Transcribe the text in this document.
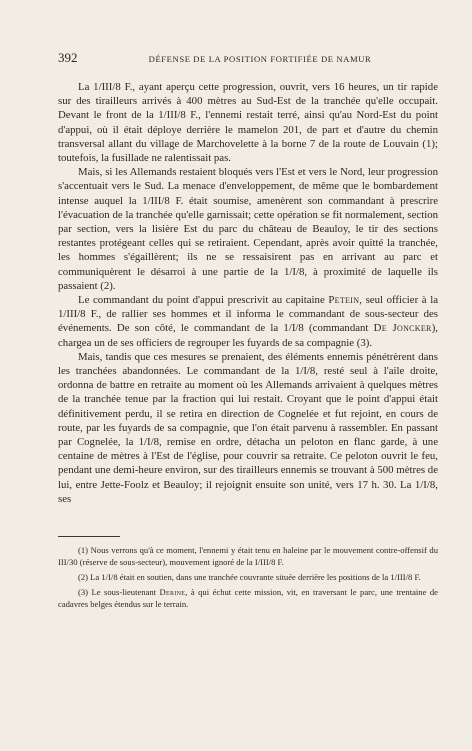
392	DÉFENSE DE LA POSITION FORTIFIÉE DE NAMUR

La 1/III/8 F., ayant aperçu cette progression, ouvrit, vers 16 heures, un tir rapide sur des tirailleurs arrivés à 400 mètres au Sud-Est de la tranchée qu'elle occupait. Devant le front de la 1/III/8 F., l'ennemi restait terré, ainsi qu'au Nord-Est du point d'appui, où il était déploye derrière le mamelon 201, de part et d'autre du chemin transversal allant du village de Marchovelette à la borne 7 de la route de Louvain (1); toutefois, la fusillade ne ralentissait pas.

Mais, si les Allemands restaient bloqués vers l'Est et vers le Nord, leur progression s'accentuait vers le Sud. La menace d'enveloppement, de même que le bombardement intense auquel la 1/III/8 F. était soumise, amenèrent son commandant à prescrire l'évacuation de la tranchée qu'elle garnissait; cette opération se fit normalement, section par section, vers la lisière Est du parc du château de Beauloy, le tir des sections restantes protégeant celles qui se retiraient. Cependant, après avoir quitté la tranchée, les hommes s'égaillèrent; ils ne se ressaisirent pas en arrivant au parc et communiquèrent le désarroi à une partie de la 1/I/8, à proximité de laquelle ils passaient (2).

Le commandant du point d'appui prescrivit au capitaine Petein, seul officier à la 1/III/8 F., de rallier ses hommes et il informa le commandant de sous-secteur des événements. De son côté, le commandant de la 1/I/8 (commandant De Joncker), chargea un de ses officiers de regrouper les fuyards de sa compagnie (3).

Mais, tandis que ces mesures se prenaient, des éléments ennemis pénétrèrent dans les tranchées abandonnées. Le commandant de la 1/I/8, resté seul à l'aile droite, ordonna de battre en retraite au moment où les Allemands arrivaient à quelques mètres de la tranchée tenue par la fraction qui lui restait. Croyant que le point d'appui était définitivement perdu, il se retira en direction de Cognelée et fut rejoint, en cours de route, par les fuyards de sa compagnie, que l'on était parvenu à rassembler. En passant par Cognelée, la 1/I/8, remise en ordre, détacha un peloton en flanc garde, à une centaine de mètres à l'Est de l'église, pour couvrir sa retraite. Ce peloton ouvrit le feu, pendant une demi-heure environ, sur des tirailleurs ennemis se trouvant à 500 mètres de lui, entre Jette-Foolz et Beauloy; il rejoignit ensuite son unité, vers 17 h. 30. La 1/I/8, ses

(1) Nous verrons qu'à ce moment, l'ennemi y était tenu en haleine par le mouvement contre-offensif du III/30 (réserve de sous-secteur), mouvement ignoré de la I/III/8 F.

(2) La 1/I/8 était en soutien, dans une tranchée couvrante située derrière les positions de la 1/III/8 F.

(3) Le sous-lieutenant Derine, à qui échut cette mission, vit, en traversant le parc, une trentaine de cadavres belges étendus sur le terrain.
